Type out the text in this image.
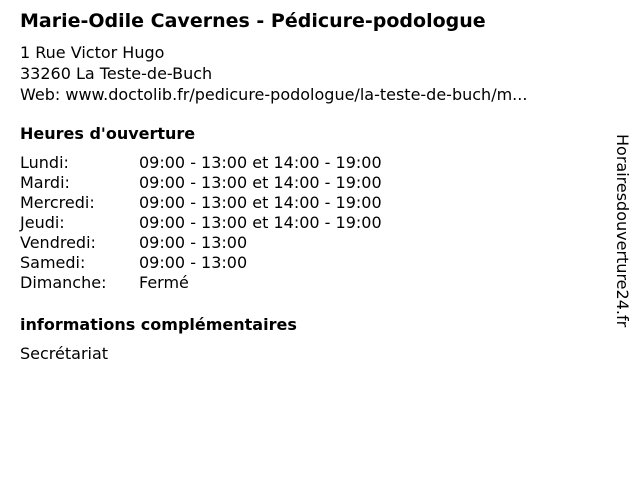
Marie-Odile Cavernes - Pédicure-podologue
1 Rue Victor Hugo
33260 La Teste-de-Buch
Web: www.doctolib.fr/pedicure-podologue/la-teste-de-buch/m...
Heures d'ouverture
Lundi:	09:00 - 13:00 et 14:00 - 19:00
Mardi:	09:00 - 13:00 et 14:00 - 19:00
Mercredi:	09:00 - 13:00 et 14:00 - 19:00
Jeudi:	09:00 - 13:00 et 14:00 - 19:00
Vendredi:	09:00 - 13:00
Samedi:	09:00 - 13:00
Dimanche: Fermé
informations complémentaires
Secrétariat
Horairesdouverture24.fr
